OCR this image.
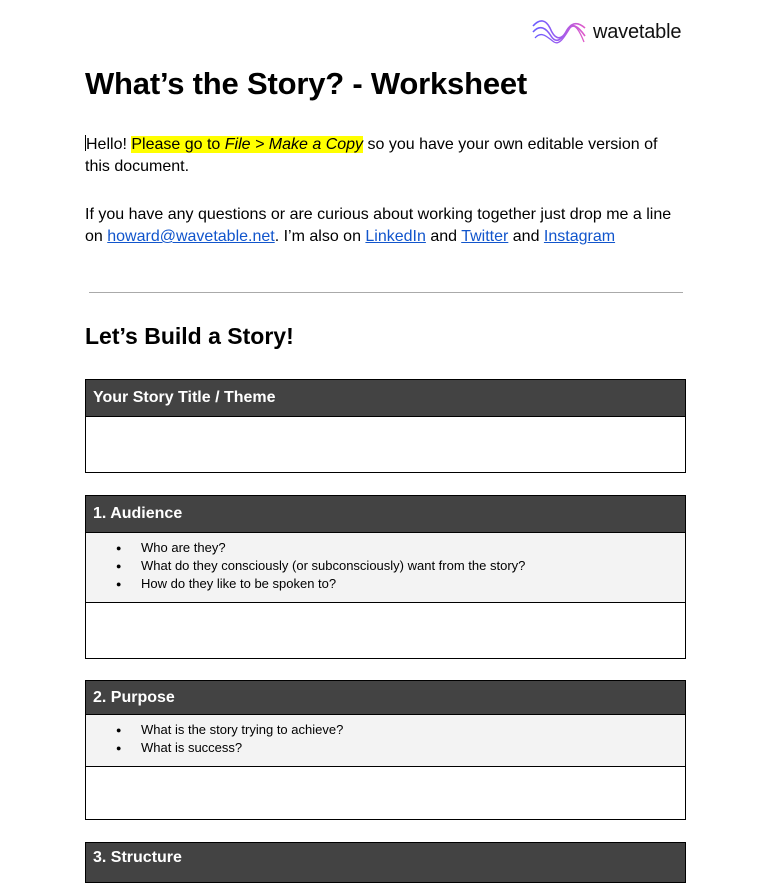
wavetable
What’s the Story? - Worksheet

Hello! Please go to File > Make a Copy so you have your own editable version of this document.

If you have any questions or are curious about working together just drop me a line on howard@wavetable.net. I’m also on LinkedIn and Twitter and Instagram

Let’s Build a Story!
Your Story Title / Theme
1. Audience
● Who are they?
● What do they consciously (or subconsciously) want from the story?
● How do they like to be spoken to?
2. Purpose
● What is the story trying to achieve?
● What is success?
3. Structure
